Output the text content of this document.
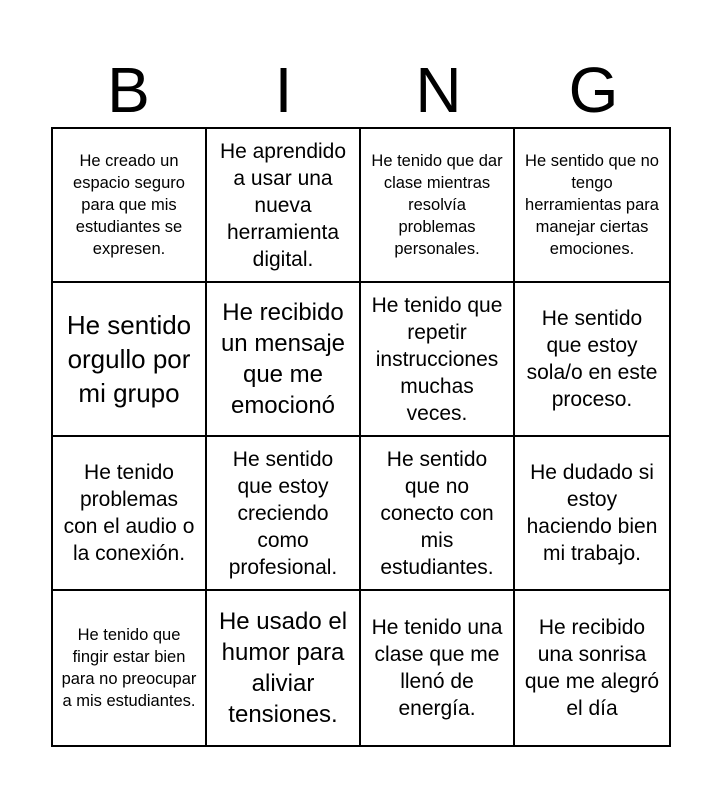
B	I	N	G
He creado un espacio seguro para que mis estudiantes se expresen.
He aprendido a usar una nueva herramienta digital.
He tenido que dar clase mientras resolvía problemas personales.
He sentido que no tengo herramientas para manejar ciertas emociones.
He sentido orgullo por mi grupo
He recibido un mensaje que me emocionó
He tenido que repetir instrucciones muchas veces.
He sentido que estoy sola/o en este proceso.
He tenido problemas con el audio o la conexión.
He sentido que estoy creciendo como profesional.
He sentido que no conecto con mis estudiantes.
He dudado si estoy haciendo bien mi trabajo.
He tenido que fingir estar bien para no preocupar a mis estudiantes.
He usado el humor para aliviar tensiones.
He tenido una clase que me llenó de energía.
He recibido una sonrisa que me alegró el día
